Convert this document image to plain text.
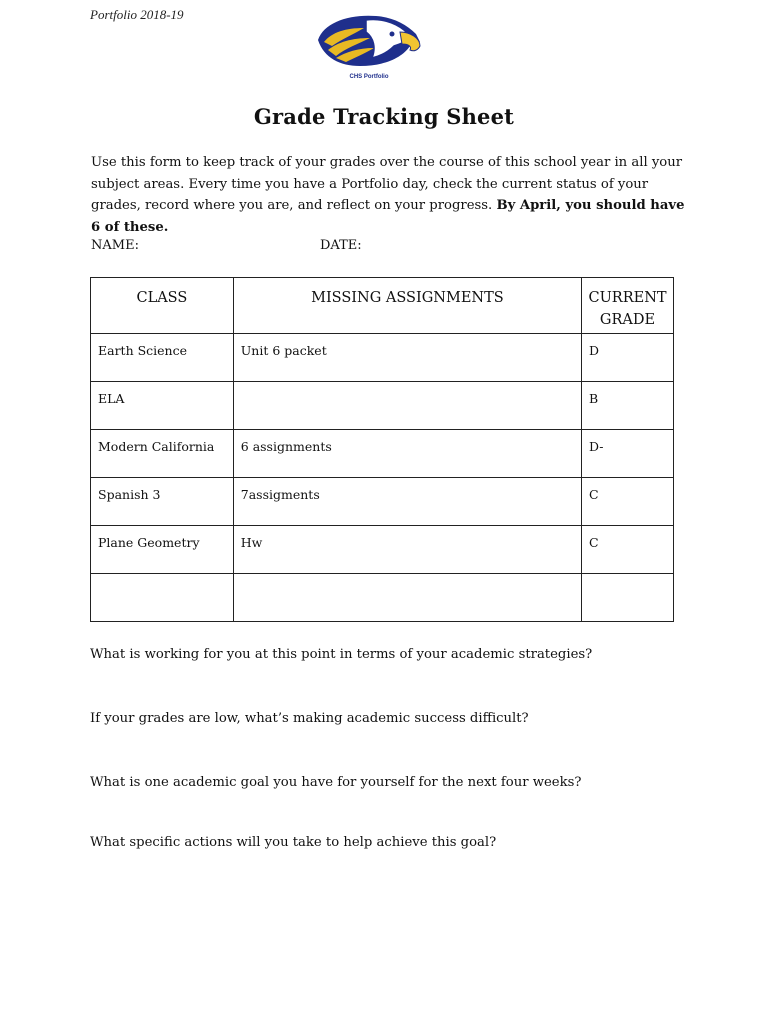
Portfolio 2018-19
CHS Portfolio
Grade Tracking Sheet
Use this form to keep track of your grades over the course of this school year in all your subject areas. Every time you have a Portfolio day, check the current status of your grades, record where you are, and reflect on your progress. By April, you should have 6 of these.
NAME:	DATE:
CLASS	MISSING ASSIGNMENTS	CURRENT GRADE
Earth Science	Unit 6 packet	D
ELA		B
Modern California	6 assignments	D-
Spanish 3	7assigments	C
Plane Geometry	Hw	C

What is working for you at this point in terms of your academic strategies?
If your grades are low, what’s making academic success difficult?
What is one academic goal you have for yourself for the next four weeks?
What specific actions will you take to help achieve this goal?
